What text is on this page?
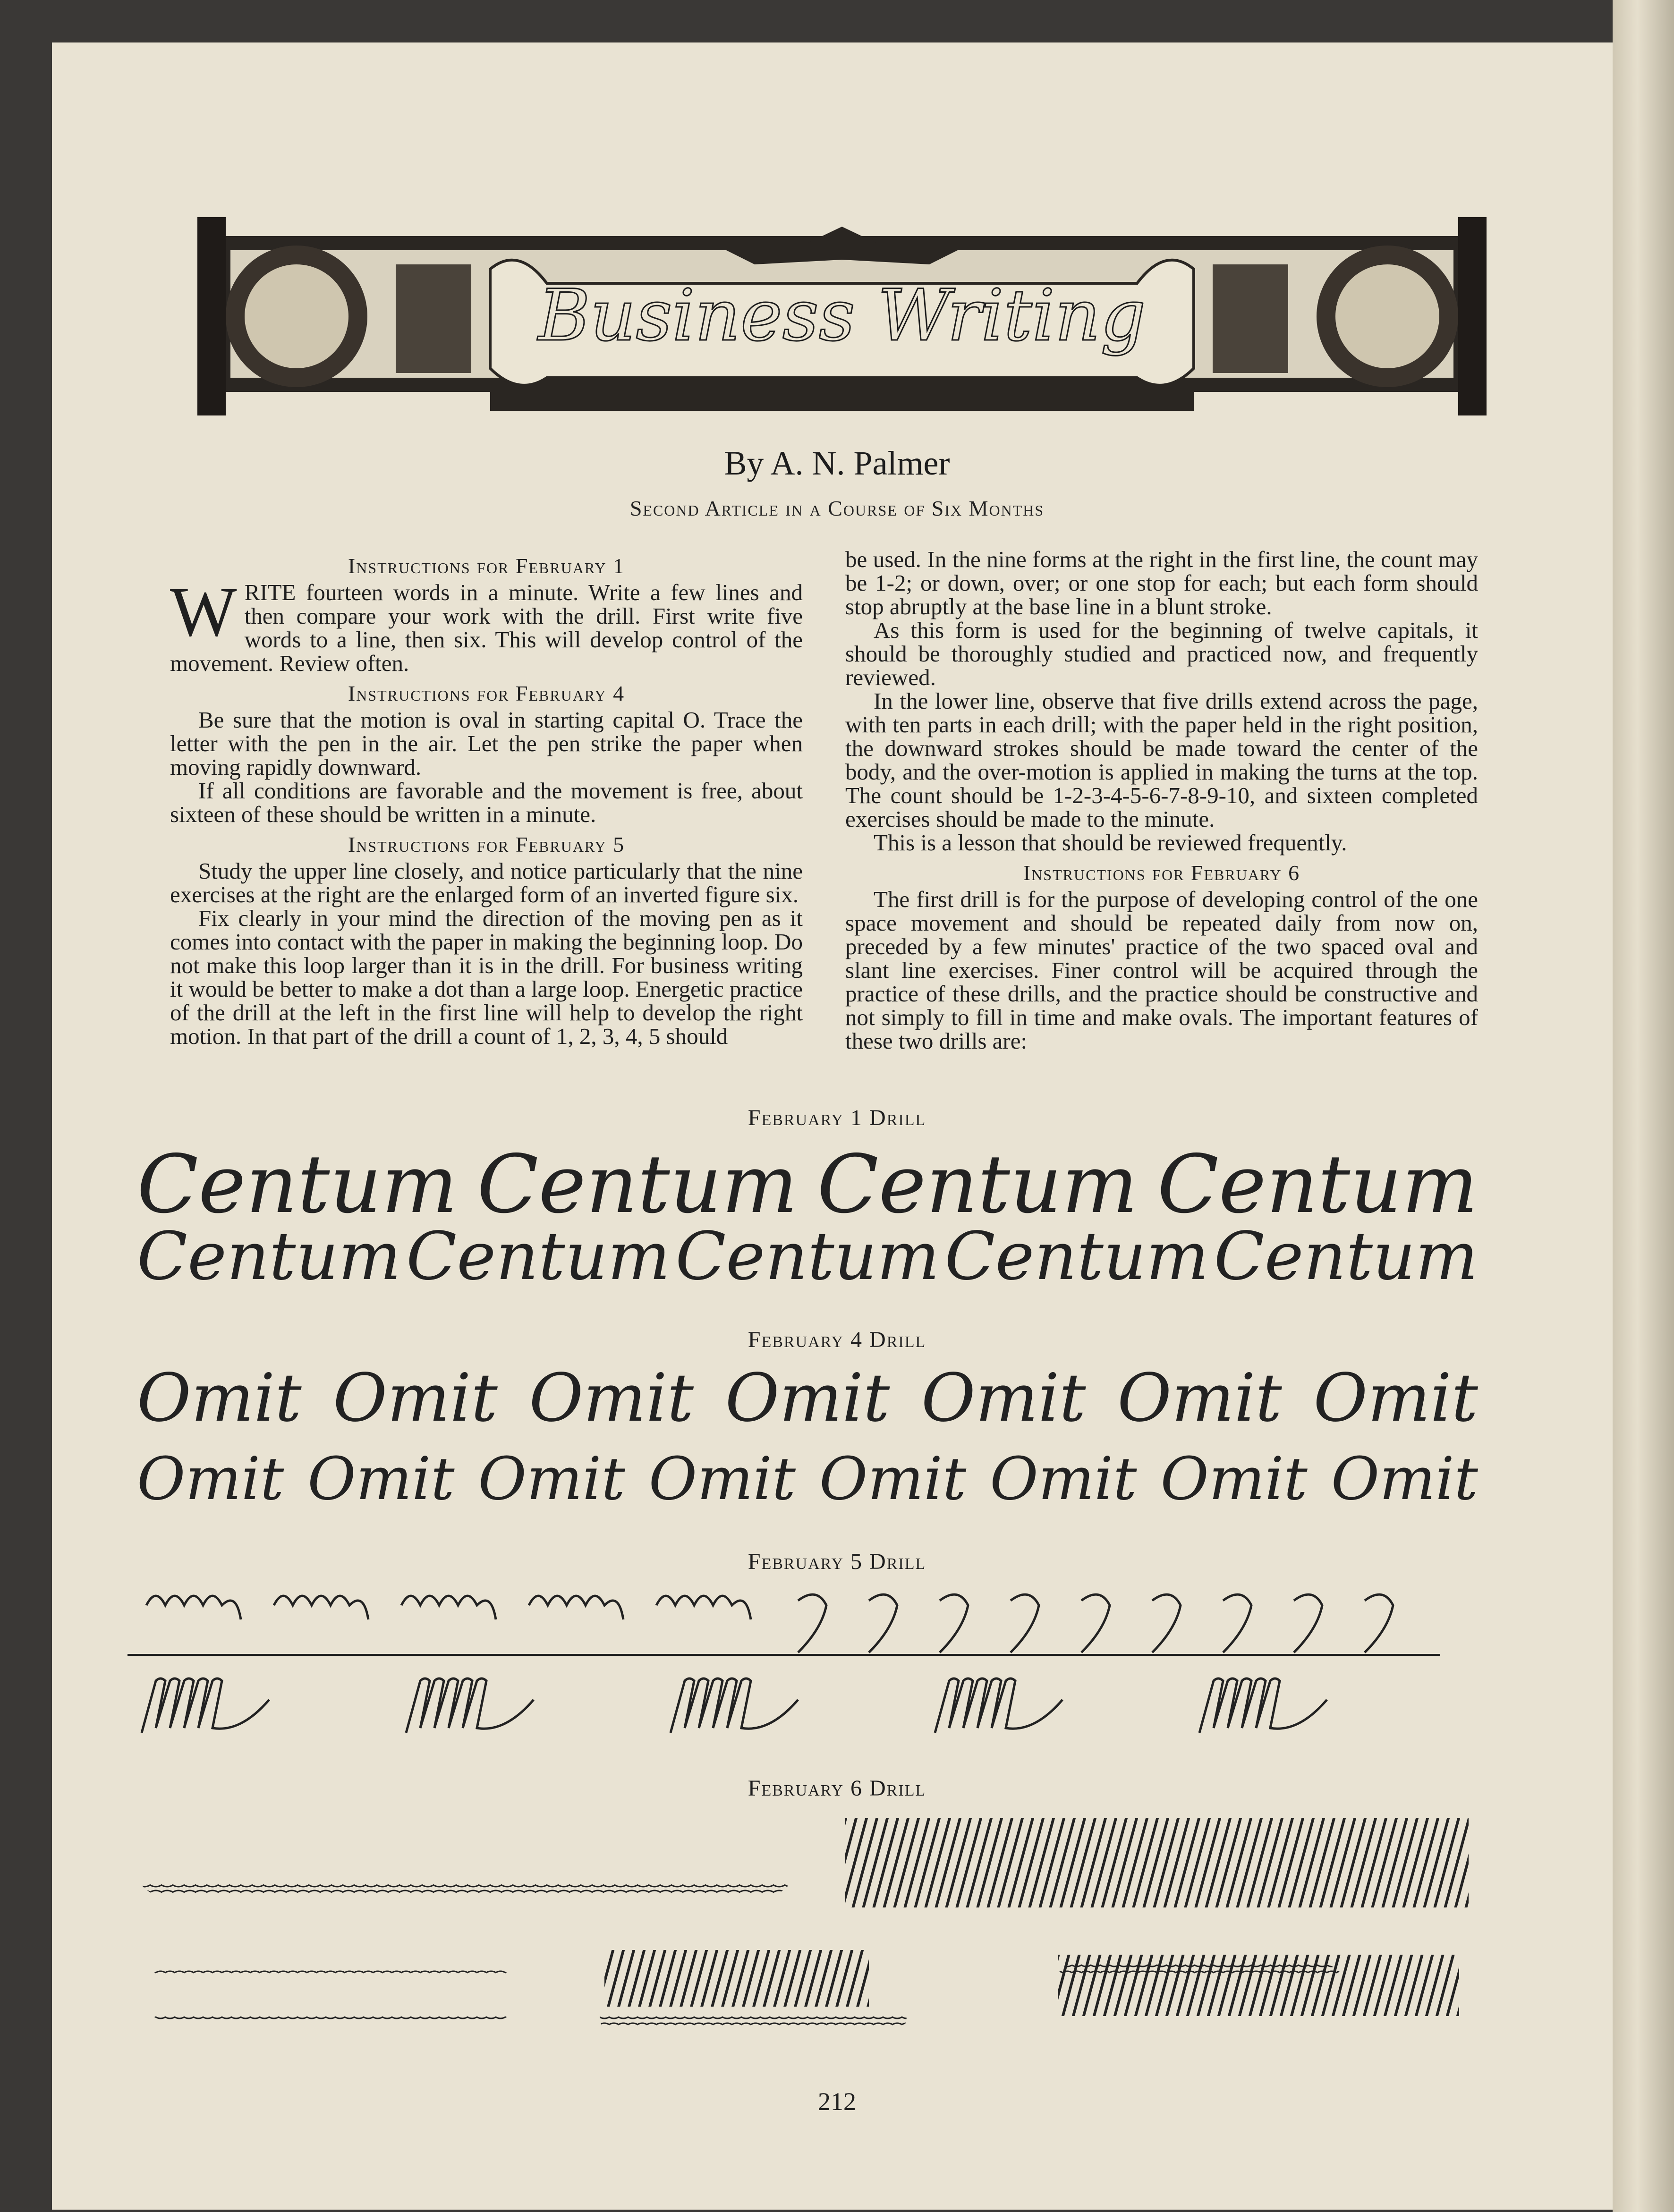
Business Writing
By A. N. Palmer
Second Article in a Course of Six Months
Instructions for February 1

WRITE fourteen words in a minute. Write a few lines and then compare your work with the drill. First write five words to a line, then six. This will develop control of the movement. Review often.

Instructions for February 4

Be sure that the motion is oval in starting capital O. Trace the letter with the pen in the air. Let the pen strike the paper when moving rapidly downward.

If all conditions are favorable and the movement is free, about sixteen of these should be written in a minute.

Instructions for February 5

Study the upper line closely, and notice particularly that the nine exercises at the right are the enlarged form of an inverted figure six.

Fix clearly in your mind the direction of the moving pen as it comes into contact with the paper in making the beginning loop. Do not make this loop larger than it is in the drill. For business writing it would be better to make a dot than a large loop. Energetic practice of the drill at the left in the first line will help to develop the right motion. In that part of the drill a count of 1, 2, 3, 4, 5 should

be used. In the nine forms at the right in the first line, the count may be 1-2; or down, over; or one stop for each; but each form should stop abruptly at the base line in a blunt stroke.

As this form is used for the beginning of twelve capitals, it should be thoroughly studied and practiced now, and frequently reviewed.

In the lower line, observe that five drills extend across the page, with ten parts in each drill; with the paper held in the right position, the downward strokes should be made toward the center of the body, and the over-motion is applied in making the turns at the top. The count should be 1-2-3-4-5-6-7-8-9-10, and sixteen completed exercises should be made to the minute.

This is a lesson that should be reviewed frequently.

Instructions for February 6

The first drill is for the purpose of developing control of the one space movement and should be repeated daily from now on, preceded by a few minutes' practice of the two spaced oval and slant line exercises. Finer control will be acquired through the practice of these drills, and the practice should be constructive and not simply to fill in time and make ovals. The important features of these two drills are:

February 1 Drill
Centum Centum Centum Centum
Centum Centum Centum Centum Centum
February 4 Drill
Omit Omit Omit Omit Omit Omit Omit
Omit Omit Omit Omit Omit Omit Omit Omit
February 5 Drill
February 6 Drill
212
